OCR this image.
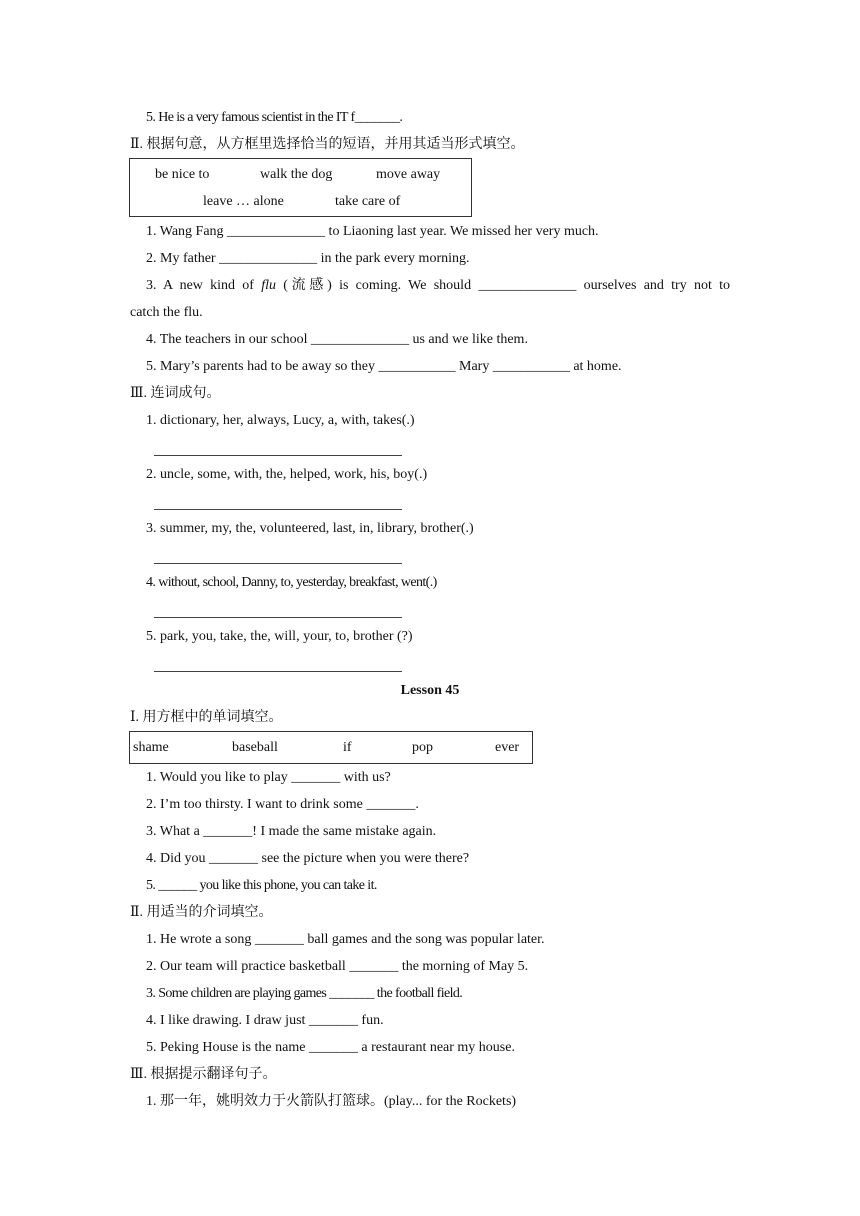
5. He is a very famous scientist in the IT f_______.
Ⅱ. 根据句意，从方框里选择恰当的短语，并用其适当形式填空。
be nice to	walk the dog	move away
leave … alone	take care of
1. Wang Fang ______________ to Liaoning last year. We missed her very much.
2. My father ______________ in the park every morning.
3. A new kind of flu (流感) is coming. We should ______________ ourselves and try not to
catch the flu.
4. The teachers in our school ______________ us and we like them.
5. Mary’s parents had to be away so they ___________ Mary ___________ at home.
Ⅲ. 连词成句。
1. dictionary, her, always, Lucy, a, with, takes(.)
2. uncle, some, with, the, helped, work, his, boy(.)
3. summer, my, the, volunteered, last, in, library, brother(.)
4. without, school, Danny, to, yesterday, breakfast, went(.)
5. park, you, take, the, will, your, to, brother (?)
Lesson 45
Ⅰ. 用方框中的单词填空。
shame	baseball	if	pop	ever
1. Would you like to play _______ with us?
2. I’m too thirsty. I want to drink some _______.
3. What a _______! I made the same mistake again.
4. Did you _______ see the picture when you were there?
5. ______ you like this phone, you can take it.
Ⅱ. 用适当的介词填空。
1. He wrote a song _______ ball games and the song was popular later.
2. Our team will practice basketball _______ the morning of May 5.
3. Some children are playing games _______ the football field.
4. I like drawing. I draw just _______ fun.
5. Peking House is the name _______ a restaurant near my house.
Ⅲ. 根据提示翻译句子。
1. 那一年，姚明效力于火箭队打篮球。(play... for the Rockets)
